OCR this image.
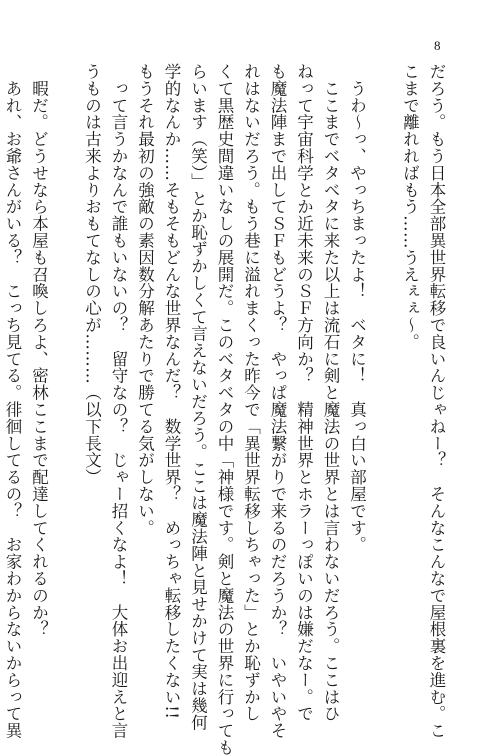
8
だろう。もう日本全部異世界転移で良いんじゃねー？　そんなこんなで屋根裏を進む。こ
こまで離れればもう……うえぇぇ〜。

　うわ〜っ、やっちまったよ！　ベタに！　真っ白い部屋です。
　ここまでベタベタに来た以上は流石に剣と魔法の世界とは言わないだろう。ここはひ
ねって宇宙科学とか近未来のＳＦ方向か？　精神世界とホラーっぽいのは嫌だなー。で
も魔法陣まで出してＳＦもどうよ？　やっぱ魔法繋がりで来るのだろうか？　いやいやそ
れはないだろう。もう巷に溢れまくった昨今で「異世界転移しちゃった」とか恥ずかし
くて黒歴史間違いなしの展開だ。このベタベタの中「神様です。剣と魔法の世界に行っても
らいます（笑）」とか恥ずかしくて言えないだろう。ここは魔法陣と見せかけて実は幾何
学的なんか……そもそもどんな世界なんだ？　数学世界？　めっちゃ転移したくない!!
もうそれ最初の強敵の素因数分解あたりで勝てる気がしない。
　って言うかなんで誰もいないの？　留守なの？　じゃー招くなよ！　大体お出迎えと言
うものは古来よりおもてなしの心が………（以下長文）

　暇だ。どうせなら本屋も召喚しろよ、密林ここまで配達してくれるのか？
　あれ、お爺さんがいる？　こっち見てる。徘徊してるの？　お家わからないからって異
